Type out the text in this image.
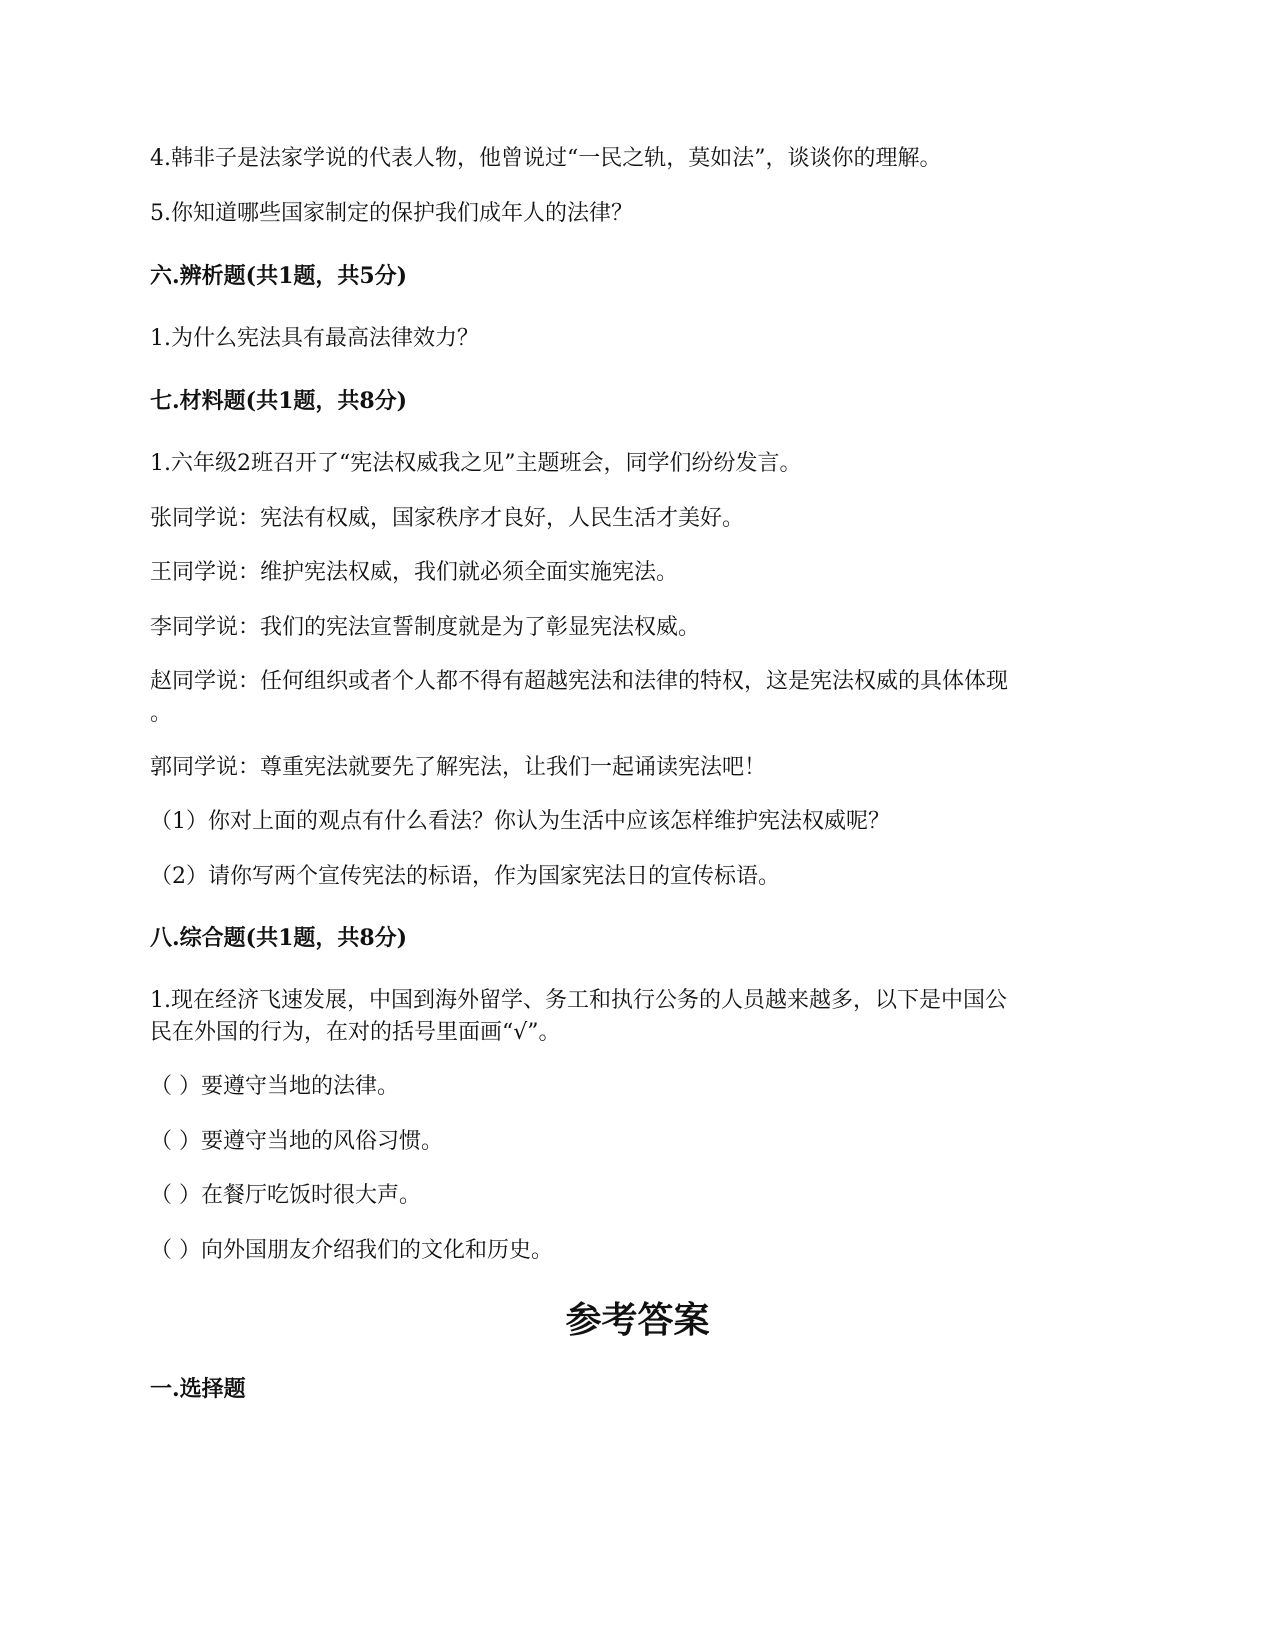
4.韩非子是法家学说的代表人物，他曾说过“一民之轨，莫如法”，谈谈你的理解。
5.你知道哪些国家制定的保护我们成年人的法律？
六.辨析题(共1题，共5分)
1.为什么宪法具有最高法律效力？
七.材料题(共1题，共8分)
1.六年级2班召开了“宪法权威我之见”主题班会，同学们纷纷发言。
张同学说：宪法有权威，国家秩序才良好，人民生活才美好。
王同学说：维护宪法权威，我们就必须全面实施宪法。
李同学说：我们的宪法宣誓制度就是为了彰显宪法权威。
赵同学说：任何组织或者个人都不得有超越宪法和法律的特权，这是宪法权威的具体体现
。
郭同学说：尊重宪法就要先了解宪法，让我们一起诵读宪法吧！
（1）你对上面的观点有什么看法？你认为生活中应该怎样维护宪法权威呢？
（2）请你写两个宣传宪法的标语，作为国家宪法日的宣传标语。
八.综合题(共1题，共8分)
1.现在经济飞速发展，中国到海外留学、务工和执行公务的人员越来越多，以下是中国公
民在外国的行为，在对的括号里面画“√”。
（ ）要遵守当地的法律。
（ ）要遵守当地的风俗习惯。
（ ）在餐厅吃饭时很大声。
（ ）向外国朋友介绍我们的文化和历史。
参考答案
一.选择题
